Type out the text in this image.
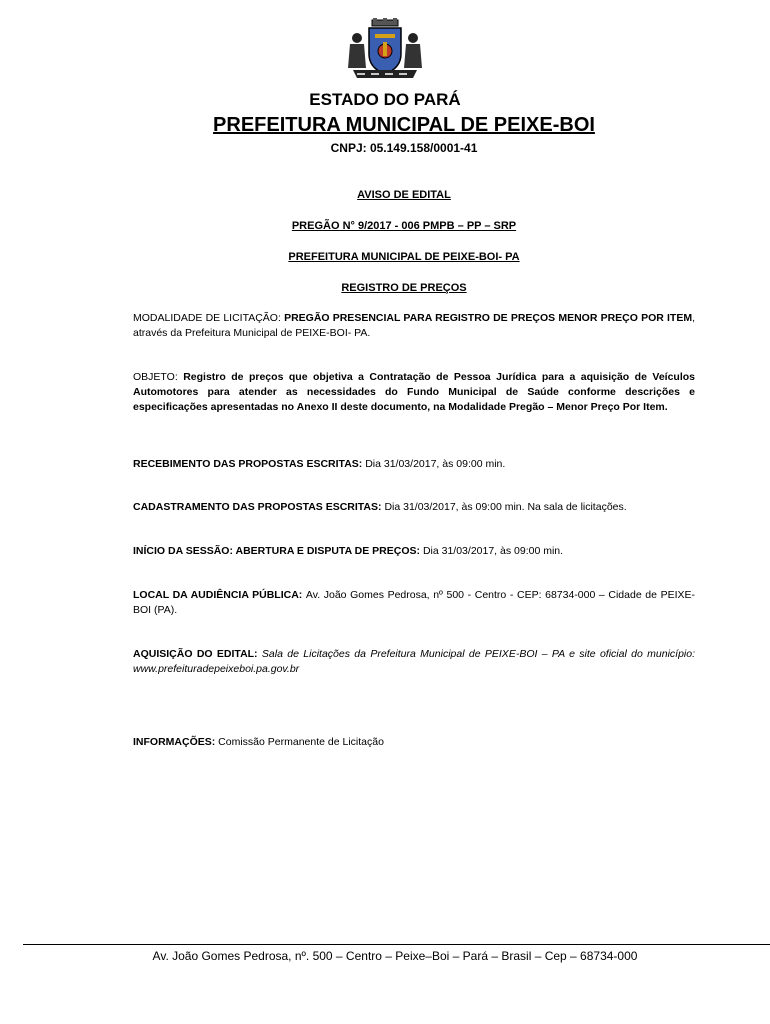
ESTADO DO PARÁ
PREFEITURA MUNICIPAL DE PEIXE-BOI
CNPJ: 05.149.158/0001-41
AVISO DE EDITAL
PREGÃO N° 9/2017 - 006 PMPB – PP – SRP
PREFEITURA MUNICIPAL DE PEIXE-BOI- PA
REGISTRO DE PREÇOS
MODALIDADE DE LICITAÇÃO: PREGÃO PRESENCIAL PARA REGISTRO DE PREÇOS MENOR PREÇO POR ITEM, através da Prefeitura Municipal de PEIXE-BOI- PA.
OBJETO: Registro de preços que objetiva a Contratação de Pessoa Jurídica para a aquisição de Veículos Automotores para atender as necessidades do Fundo Municipal de Saúde conforme descrições e especificações apresentadas no Anexo II deste documento, na Modalidade Pregão – Menor Preço Por Item.
RECEBIMENTO DAS PROPOSTAS ESCRITAS: Dia 31/03/2017, às 09:00 min.
CADASTRAMENTO DAS PROPOSTAS ESCRITAS: Dia 31/03/2017, às 09:00 min. Na sala de licitações.
INÍCIO DA SESSÃO: ABERTURA E DISPUTA DE PREÇOS: Dia 31/03/2017, às 09:00 min.
LOCAL DA AUDIÊNCIA PÚBLICA: Av. João Gomes Pedrosa, nº 500 - Centro - CEP: 68734-000 – Cidade de PEIXE-BOI (PA).
AQUISIÇÃO DO EDITAL: Sala de Licitações da Prefeitura Municipal de PEIXE-BOI – PA e site oficial do município: www.prefeituradepeixeboi.pa.gov.br
INFORMAÇÕES: Comissão Permanente de Licitação
Av. João Gomes Pedrosa, nº. 500 – Centro – Peixe–Boi – Pará – Brasil – Cep – 68734-000
